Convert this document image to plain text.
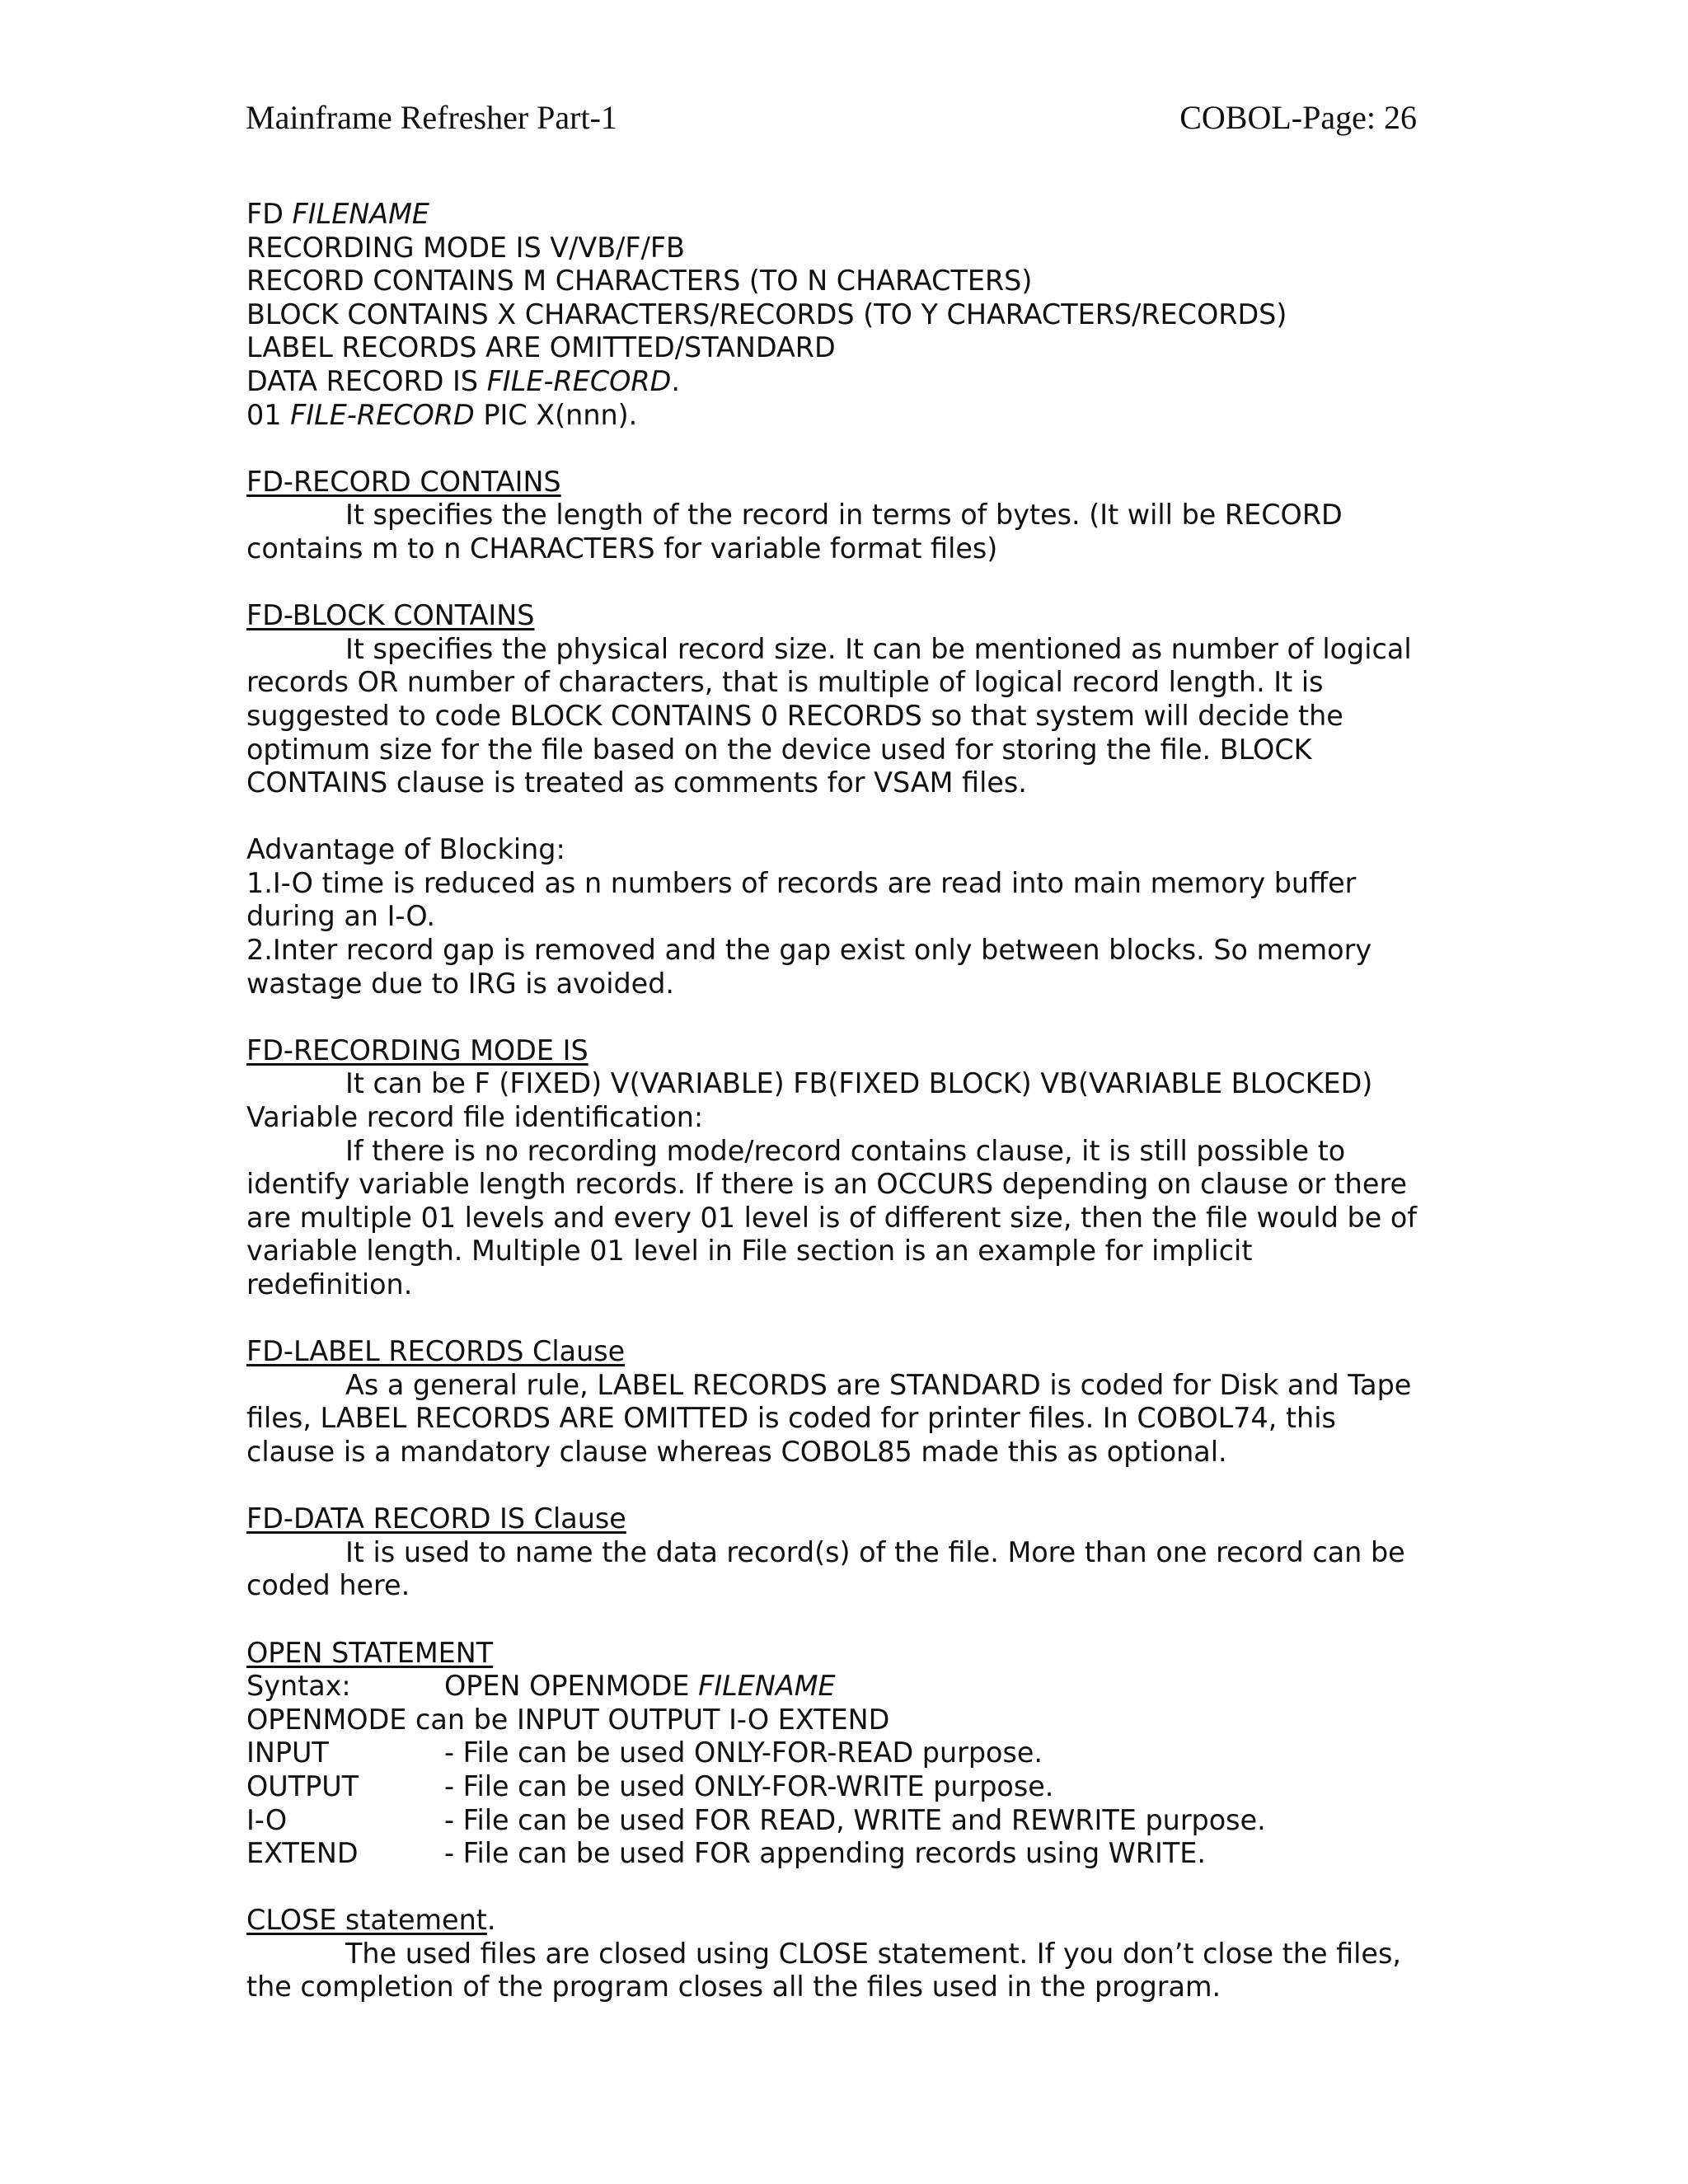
Mainframe Refresher Part-1	COBOL-Page: 26
FD FILENAME
RECORDING MODE IS V/VB/F/FB
RECORD CONTAINS M CHARACTERS (TO N CHARACTERS)
BLOCK CONTAINS X CHARACTERS/RECORDS (TO Y CHARACTERS/RECORDS)
LABEL RECORDS ARE OMITTED/STANDARD
DATA RECORD IS FILE-RECORD.
01 FILE-RECORD PIC X(nnn).
FD-RECORD CONTAINS
It specifies the length of the record in terms of bytes. (It will be RECORD contains m to n CHARACTERS for variable format files)
FD-BLOCK CONTAINS
It specifies the physical record size. It can be mentioned as number of logical records OR number of characters, that is multiple of logical record length. It is suggested to code BLOCK CONTAINS 0 RECORDS so that system will decide the optimum size for the file based on the device used for storing the file. BLOCK CONTAINS clause is treated as comments for VSAM files.
Advantage of Blocking:
1.I-O time is reduced as n numbers of records are read into main memory buffer during an I-O.
2.Inter record gap is removed and the gap exist only between blocks. So memory wastage due to IRG is avoided.
FD-RECORDING MODE IS
It can be F (FIXED) V(VARIABLE) FB(FIXED BLOCK) VB(VARIABLE BLOCKED)
Variable record file identification:
If there is no recording mode/record contains clause, it is still possible to identify variable length records. If there is an OCCURS depending on clause or there are multiple 01 levels and every 01 level is of different size, then the file would be of variable length. Multiple 01 level in File section is an example for implicit redefinition.
FD-LABEL RECORDS Clause
As a general rule, LABEL RECORDS are STANDARD is coded for Disk and Tape files, LABEL RECORDS ARE OMITTED is coded for printer files. In COBOL74, this clause is a mandatory clause whereas COBOL85 made this as optional.
FD-DATA RECORD IS Clause
It is used to name the data record(s) of the file. More than one record can be coded here.
OPEN STATEMENT
Syntax:	OPEN OPENMODE FILENAME
OPENMODE can be INPUT OUTPUT I-O EXTEND
INPUT	- File can be used ONLY-FOR-READ purpose.
OUTPUT	- File can be used ONLY-FOR-WRITE purpose.
I-O	- File can be used FOR READ, WRITE and REWRITE purpose.
EXTEND	- File can be used FOR appending records using WRITE.
CLOSE statement.
The used files are closed using CLOSE statement. If you don’t close the files, the completion of the program closes all the files used in the program.
